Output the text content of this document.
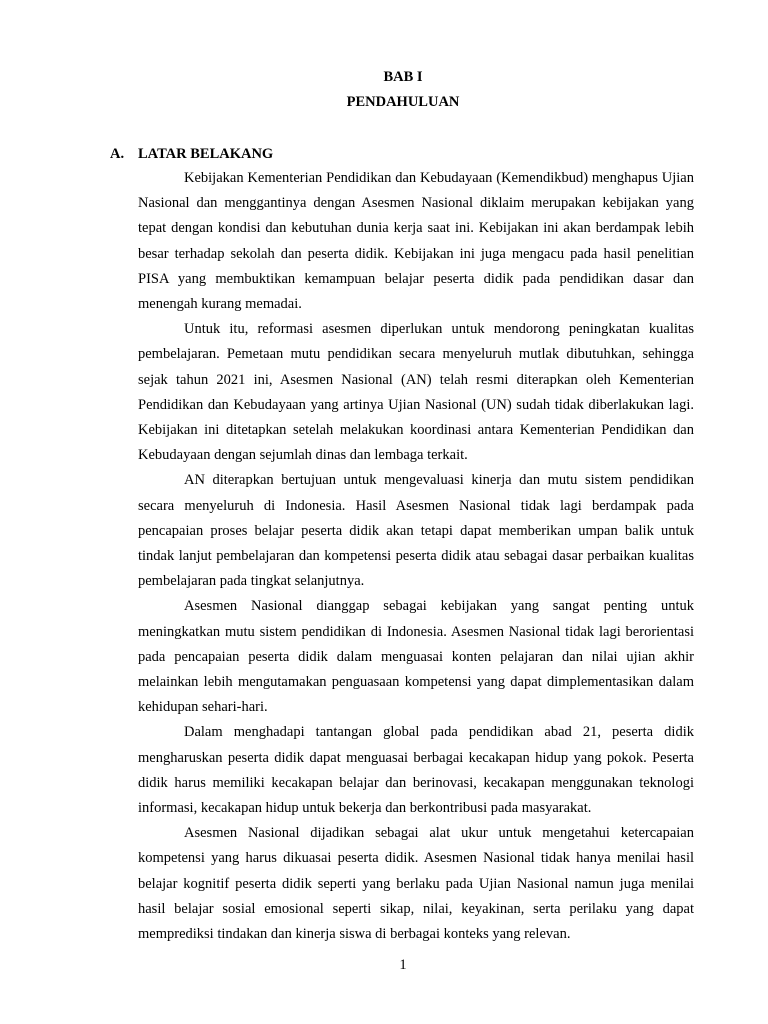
BAB I
PENDAHULUAN
A. LATAR BELAKANG

Kebijakan Kementerian Pendidikan dan Kebudayaan (Kemendikbud) menghapus Ujian Nasional dan menggantinya dengan Asesmen Nasional diklaim merupakan kebijakan yang tepat dengan kondisi dan kebutuhan dunia kerja saat ini. Kebijakan ini akan berdampak lebih besar terhadap sekolah dan peserta didik. Kebijakan ini juga mengacu pada hasil penelitian PISA yang membuktikan kemampuan belajar peserta didik pada pendidikan dasar dan menengah kurang memadai.

Untuk itu, reformasi asesmen diperlukan untuk mendorong peningkatan kualitas pembelajaran. Pemetaan mutu pendidikan secara menyeluruh mutlak dibutuhkan, sehingga sejak tahun 2021 ini, Asesmen Nasional (AN) telah resmi diterapkan oleh Kementerian Pendidikan dan Kebudayaan yang artinya Ujian Nasional (UN) sudah tidak diberlakukan lagi. Kebijakan ini ditetapkan setelah melakukan koordinasi antara Kementerian Pendidikan dan Kebudayaan dengan sejumlah dinas dan lembaga terkait.

AN diterapkan bertujuan untuk mengevaluasi kinerja dan mutu sistem pendidikan secara menyeluruh di Indonesia. Hasil Asesmen Nasional tidak lagi berdampak pada pencapaian proses belajar peserta didik akan tetapi dapat memberikan umpan balik untuk tindak lanjut pembelajaran dan kompetensi peserta didik atau sebagai dasar perbaikan kualitas pembelajaran pada tingkat selanjutnya.

Asesmen Nasional dianggap sebagai kebijakan yang sangat penting untuk meningkatkan mutu sistem pendidikan di Indonesia. Asesmen Nasional tidak lagi berorientasi pada pencapaian peserta didik dalam menguasai konten pelajaran dan nilai ujian akhir melainkan lebih mengutamakan penguasaan kompetensi yang dapat dimplementasikan dalam kehidupan sehari-hari.

Dalam menghadapi tantangan global pada pendidikan abad 21, peserta didik mengharuskan peserta didik dapat menguasai berbagai kecakapan hidup yang pokok. Peserta didik harus memiliki kecakapan belajar dan berinovasi, kecakapan menggunakan teknologi informasi, kecakapan hidup untuk bekerja dan berkontribusi pada masyarakat.

Asesmen Nasional dijadikan sebagai alat ukur untuk mengetahui ketercapaian kompetensi yang harus dikuasai peserta didik. Asesmen Nasional tidak hanya menilai hasil belajar kognitif peserta didik seperti yang berlaku pada Ujian Nasional namun juga menilai hasil belajar sosial emosional seperti sikap, nilai, keyakinan, serta perilaku yang dapat memprediksi tindakan dan kinerja siswa di berbagai konteks yang relevan.

1
